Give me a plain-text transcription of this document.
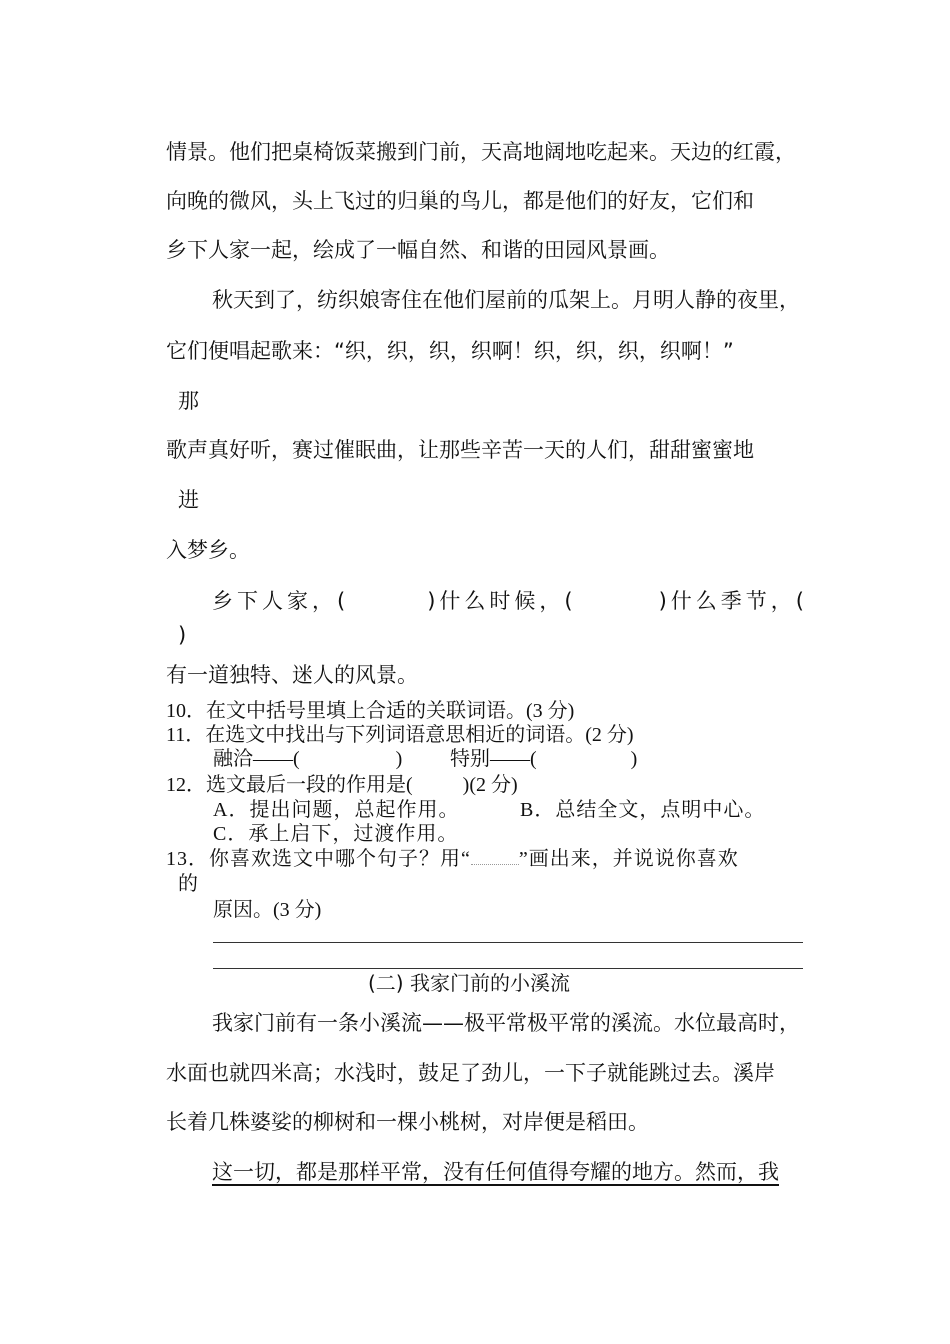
情景。他们把桌椅饭菜搬到门前，天高地阔地吃起来。天边的红霞，
向晚的微风，头上飞过的归巢的鸟儿，都是他们的好友，它们和
乡下人家一起，绘成了一幅自然、和谐的田园风景画。
秋天到了，纺织娘寄住在他们屋前的瓜架上。月明人静的夜里，
它们便唱起歌来：“织，织，织，织啊！织，织，织，织啊！”
那
歌声真好听，赛过催眠曲，让那些辛苦一天的人们，甜甜蜜蜜地
进
入梦乡。
乡下人家，(	)什么时候，(	)什么季节，(
)
有一道独特、迷人的风景。
10．在文中括号里填上合适的关联词语。(3 分)
11．在选文中找出与下列词语意思相近的词语。(2 分)
融洽——(	) 特别——(	)
12．选文最后一段的作用是(	)(2 分)
A．提出问题，总起作用。	B．总结全文，点明中心。
C．承上启下，过渡作用。
13．你喜欢选文中哪个句子？用“ ”画出来，并说说你喜欢
的
原因。(3 分)
(二) 我家门前的小溪流
我家门前有一条小溪流——极平常极平常的溪流。水位最高时，
水面也就四米高；水浅时，鼓足了劲儿，一下子就能跳过去。溪岸
长着几株婆娑的柳树和一棵小桃树，对岸便是稻田。
这一切，都是那样平常，没有任何值得夸耀的地方。然而，我
